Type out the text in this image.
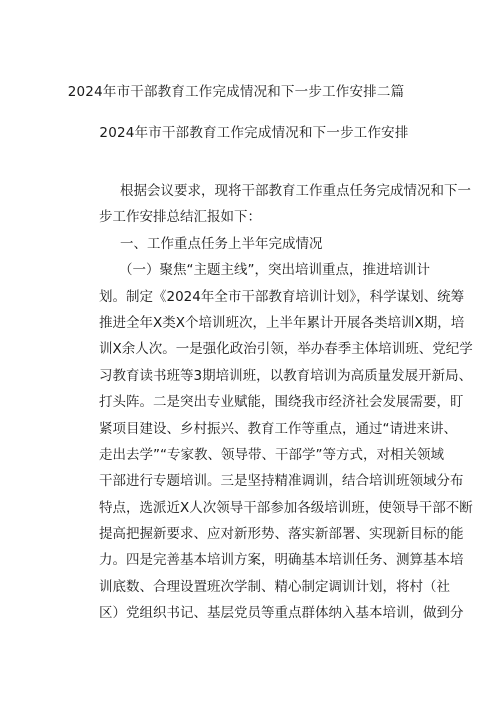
2024年市干部教育工作完成情况和下一步工作安排二篇
2024年市干部教育工作完成情况和下一步工作安排
根据会议要求，现将干部教育工作重点任务完成情况和下一
步工作安排总结汇报如下：
一、工作重点任务上半年完成情况
（一）聚焦“主题主线”，突出培训重点，推进培训计
划。制定《2024年全市干部教育培训计划》，科学谋划、统筹
推进全年X类X个培训班次，上半年累计开展各类培训X期，培
训X余人次。一是强化政治引领，举办春季主体培训班、党纪学
习教育读书班等3期培训班，以教育培训为高质量发展开新局、
打头阵。二是突出专业赋能，围绕我市经济社会发展需要，盯
紧项目建设、乡村振兴、教育工作等重点，通过“请进来讲、
走出去学”“专家教、领导带、干部学”等方式，对相关领域
干部进行专题培训。三是坚持精准调训，结合培训班领域分布
特点，选派近X人次领导干部参加各级培训班，使领导干部不断
提高把握新要求、应对新形势、落实新部署、实现新目标的能
力。四是完善基本培训方案，明确基本培训任务、测算基本培
训底数、合理设置班次学制、精心制定调训计划，将村（社
区）党组织书记、基层党员等重点群体纳入基本培训，做到分
